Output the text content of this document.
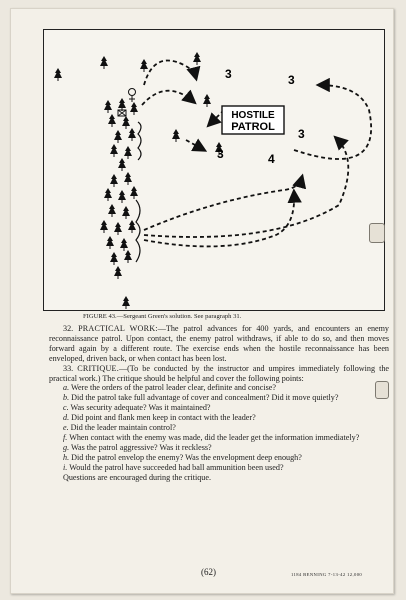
HOSTILE
PATROL
3	3
3
3
4
FIGURE 43.—Sergeant Green's solution. See paragraph 31.

32. PRACTICAL WORK:—The patrol advances for 400 yards, and encounters an enemy reconnaissance patrol. Upon contact, the enemy patrol withdraws, if able to do so, and then moves forward again by a different route. The exercise ends when the hostile reconnaissance has been enveloped, driven back, or when contact has been lost.

33. CRITIQUE.—(To be conducted by the instructor and umpires immediately following the practical work.) The critique should be helpful and cover the following points:

a. Were the orders of the patrol leader clear, definite and concise?

b. Did the patrol take full advantage of cover and concealment? Did it move quietly?

c. Was security adequate? Was it maintained?

d. Did point and flank men keep in contact with the leader?

e. Did the leader maintain control?

f. When contact with the enemy was made, did the leader get the information immediately?

g. Was the patrol aggressive? Was it reckless?

h. Did the patrol envelop the enemy? Was the envelopment deep enough?

i. Would the patrol have succeeded had ball ammunition been used?

Questions are encouraged during the critique.

(62)	1184 BENNING 7-13-42 12,000
